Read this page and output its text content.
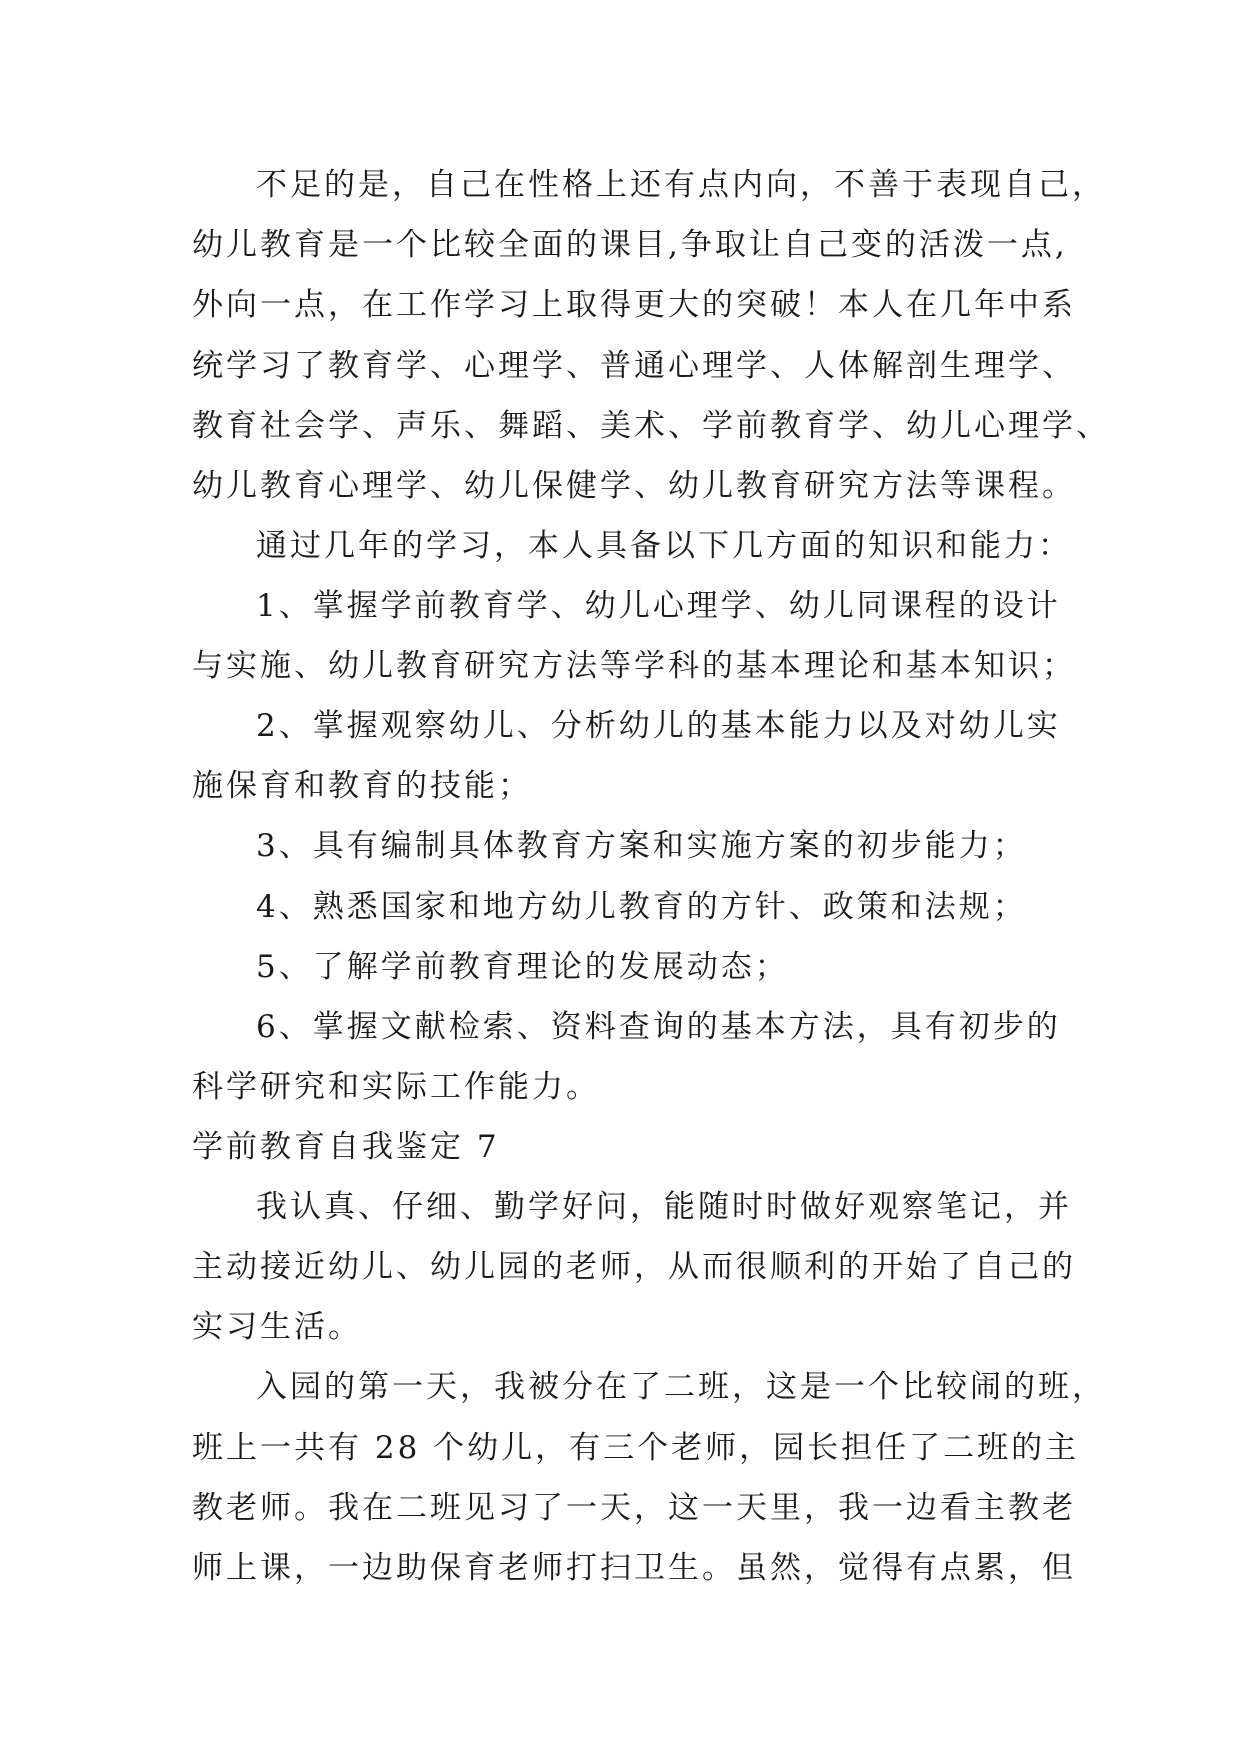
不足的是，自己在性格上还有点内向，不善于表现自己，
幼儿教育是一个比较全面的课目,争取让自己变的活泼一点,
外向一点，在工作学习上取得更大的突破！本人在几年中系
统学习了教育学、心理学、普通心理学、人体解剖生理学、
教育社会学、声乐、舞蹈、美术、学前教育学、幼儿心理学、
幼儿教育心理学、幼儿保健学、幼儿教育研究方法等课程。
通过几年的学习，本人具备以下几方面的知识和能力：
1、掌握学前教育学、幼儿心理学、幼儿同课程的设计
与实施、幼儿教育研究方法等学科的基本理论和基本知识；
2、掌握观察幼儿、分析幼儿的基本能力以及对幼儿实
施保育和教育的技能；
3、具有编制具体教育方案和实施方案的初步能力；
4、熟悉国家和地方幼儿教育的方针、政策和法规；
5、了解学前教育理论的发展动态；
6、掌握文献检索、资料查询的基本方法，具有初步的
科学研究和实际工作能力。
学前教育自我鉴定 7
我认真、仔细、勤学好问，能随时时做好观察笔记，并
主动接近幼儿、幼儿园的老师，从而很顺利的开始了自己的
实习生活。
入园的第一天，我被分在了二班，这是一个比较闹的班，
班上一共有 28 个幼儿，有三个老师，园长担任了二班的主
教老师。我在二班见习了一天，这一天里，我一边看主教老
师上课，一边助保育老师打扫卫生。虽然，觉得有点累，但
